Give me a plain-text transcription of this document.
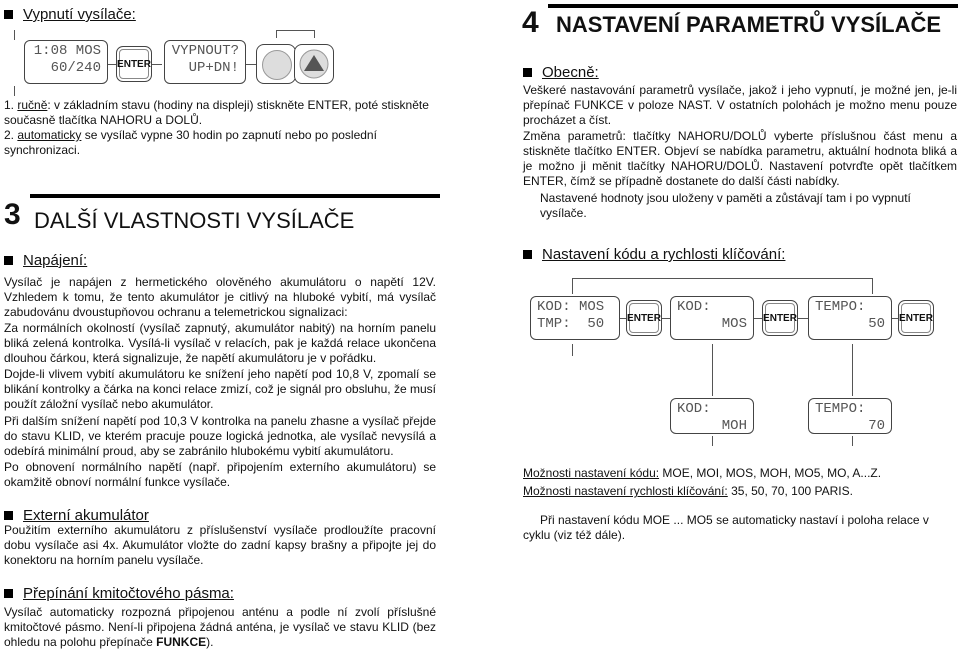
Vypnutí vysílače:
1:08 MOS
60/240 ENTER
VYPNOUT?
UP+DN!
1. ručně: v základním stavu (hodiny na displeji) stiskněte ENTER, poté stiskněte současně tlačítka NAHORU a DOLŮ.
2. automaticky se vysílač vypne 30 hodin po zapnutí nebo po poslední synchronizaci.
3 DALŠÍ VLASTNOSTI VYSÍLAČE
Napájení:
Vysílač je napájen z hermetického olověného akumulátoru o napětí 12V. Vzhledem k tomu, že tento akumulátor je citlivý na hluboké vybití, má vysílač zabudovánu dvoustupňovou ochranu a telemetrickou signalizaci:
Za normálních okolností (vysílač zapnutý, akumulátor nabitý) na horním panelu bliká zelená kontrolka. Vysílá-li vysílač v relacích, pak je každá relace ukončena dlouhou čárkou, která signalizuje, že napětí akumulátoru je v pořádku.
Dojde-li vlivem vybití akumulátoru ke snížení jeho napětí pod 10,8 V, zpomalí se blikání kontrolky a čárka na konci relace zmizí, což je signál pro obsluhu, že musí použít záložní vysílač nebo akumulátor.
Při dalším snížení napětí pod 10,3 V kontrolka na panelu zhasne a vysílač přejde do stavu KLID, ve kterém pracuje pouze logická jednotka, ale vysílač nevysílá a odebírá minimální proud, aby se zabránilo hlubokému vybití akumulátoru.
Po obnovení normálního napětí (např. připojením externího akumulátoru) se okamžitě obnoví normální funkce vysílače.
Externí akumulátor
Použitím externího akumulátoru z příslušenství vysílače prodloužíte pracovní dobu vysílače asi 4x. Akumulátor vložte do zadní kapsy brašny a připojte jej do konektoru na horním panelu vysílače.
Přepínání kmitočtového pásma:
Vysílač automaticky rozpozná připojenou anténu a podle ní zvolí příslušné kmitočtové pásmo. Není-li připojena žádná anténa, je vysílač ve stavu KLID (bez ohledu na polohu přepínače FUNKCE).
4 NASTAVENÍ PARAMETRŮ VYSÍLAČE
Obecně:
Veškeré nastavování parametrů vysílače, jakož i jeho vypnutí, je možné jen, je-li přepínač FUNKCE v poloze NAST. V ostatních polohách je možno menu pouze procházet a číst.
Změna parametrů: tlačítky NAHORU/DOLŮ vyberte příslušnou část menu a stiskněte tlačítko ENTER. Objeví se nabídka parametru, aktuální hodnota bliká a je možno ji měnit tlačítky NAHORU/DOLŮ. Nastavení potvrďte opět tlačítkem ENTER, čímž se případně dostanete do další části nabídky.
Nastavené hodnoty jsou uloženy v paměti a zůstávají tam i po vypnutí vysílače.
Nastavení kódu a rychlosti klíčování:
KOD: MOS
TMP:  50	ENTER
KOD:
MOS ENTER
TEMPO:
50 ENTER
KOD:
MOH
TEMPO:
70
Možnosti nastavení kódu: MOE, MOI, MOS, MOH, MO5, MO, A...Z.
Možnosti nastavení rychlosti klíčování: 35, 50, 70, 100 PARIS.
Při nastavení kódu MOE ... MO5 se automaticky nastaví i poloha relace v cyklu (viz též dále).
